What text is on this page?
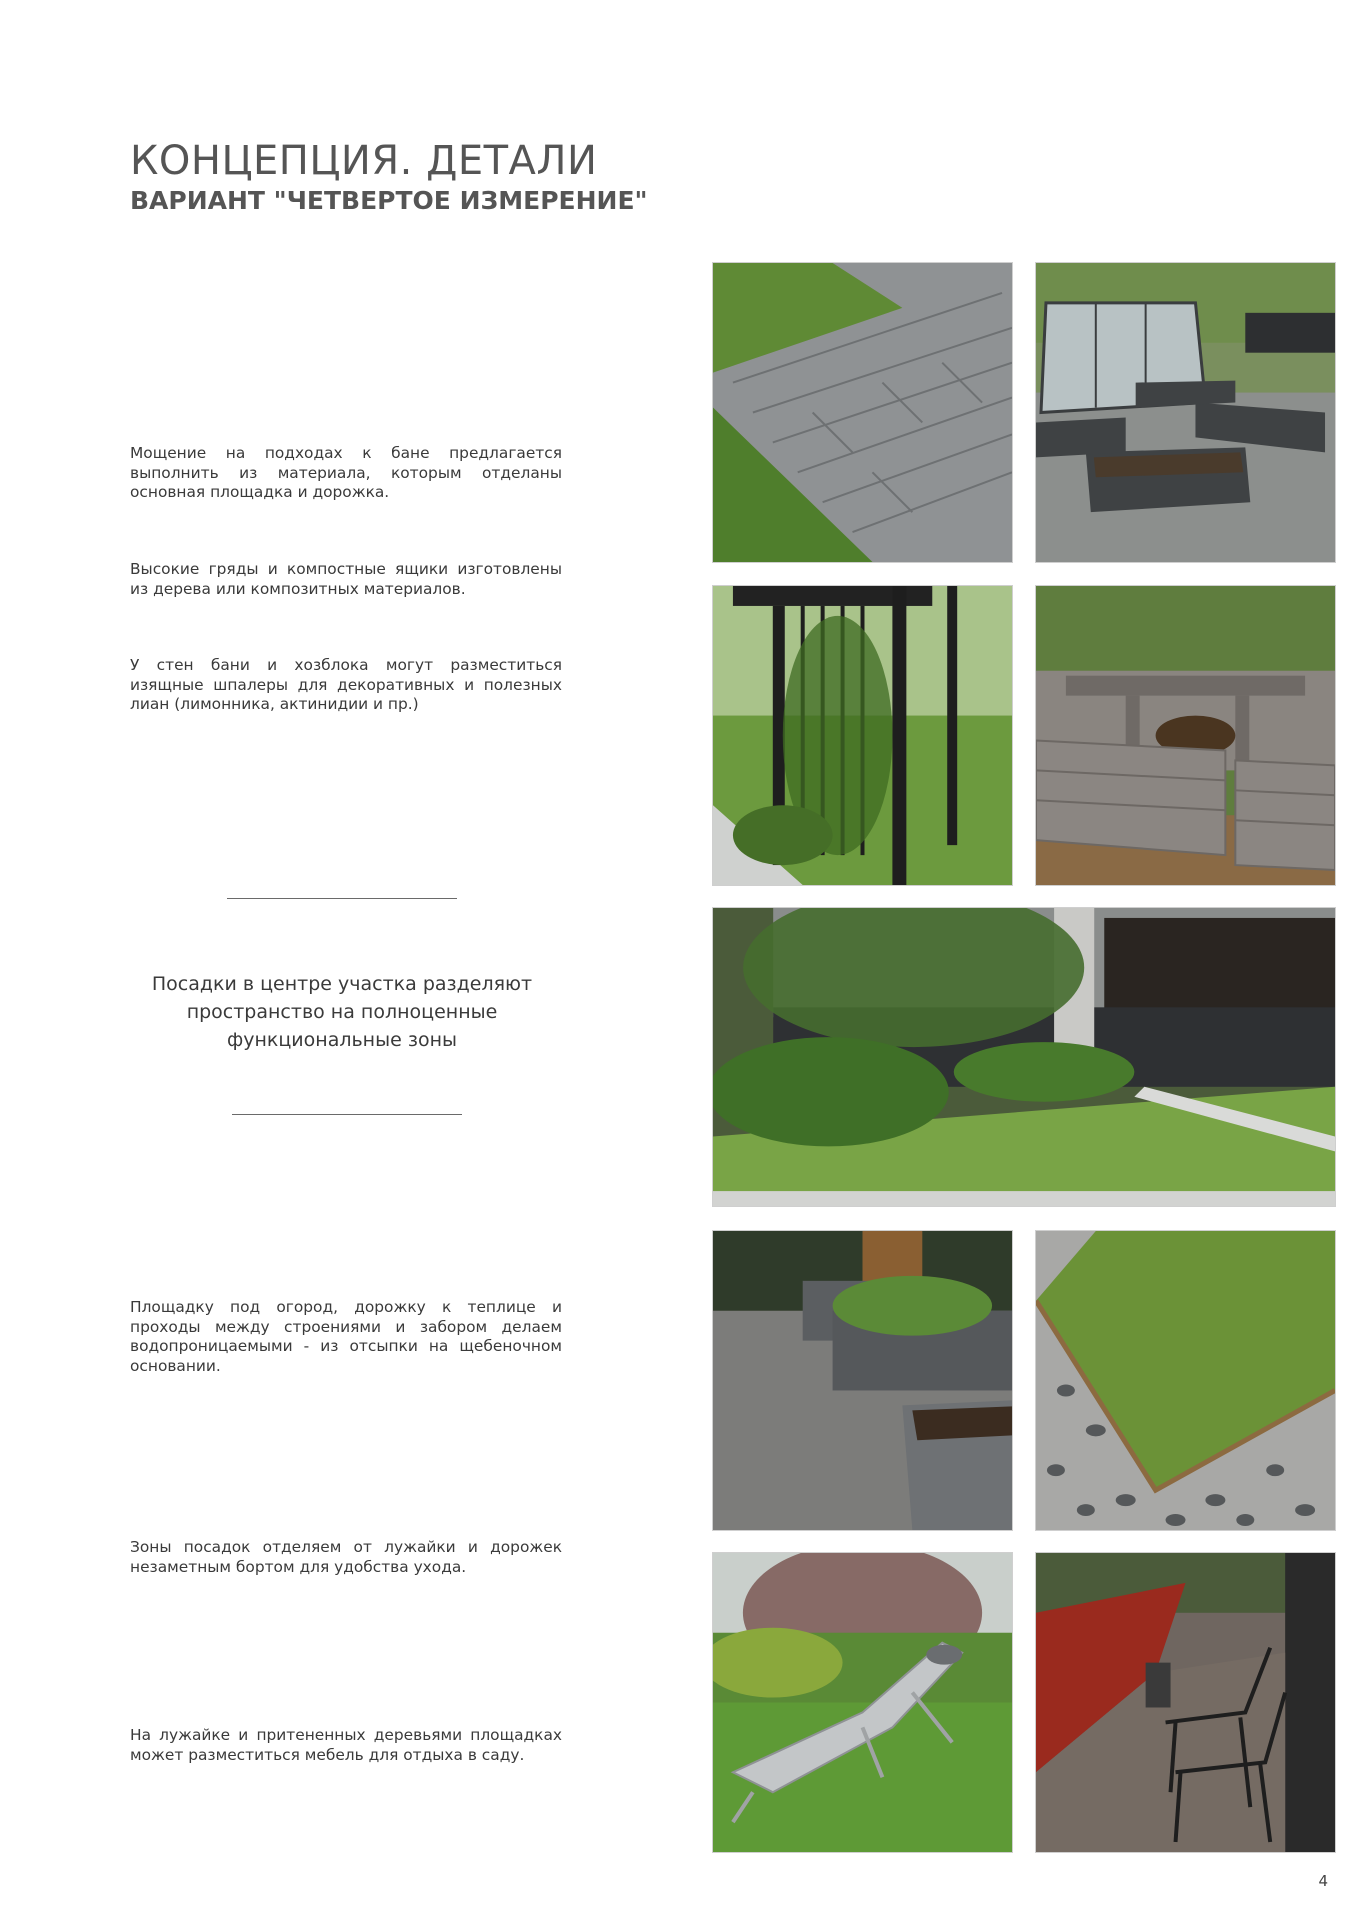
КОНЦЕПЦИЯ. ДЕТАЛИ
ВАРИАНТ "ЧЕТВЕРТОЕ ИЗМЕРЕНИЕ"

Мощение на подходах к бане предлагается выполнить из материала, которым отделаны основная площадка и дорожка.

Высокие гряды и компостные ящики изготовлены из дерева или композитных материалов.

У стен бани и хозблока могут разместиться изящные шпалеры для декоративных и полезных лиан (лимонника, актинидии и пр.)

Посадки в центре участка разделяют пространство на полноценные функциональные зоны

Площадку под огород, дорожку к теплице и проходы между строениями и забором делаем водопроницаемыми - из отсыпки на щебеночном основании.

Зоны посадок отделяем от лужайки и дорожек незаметным бортом для удобства ухода.

На лужайке и притененных деревьями площадках может разместиться мебель для отдыха в саду.

4
